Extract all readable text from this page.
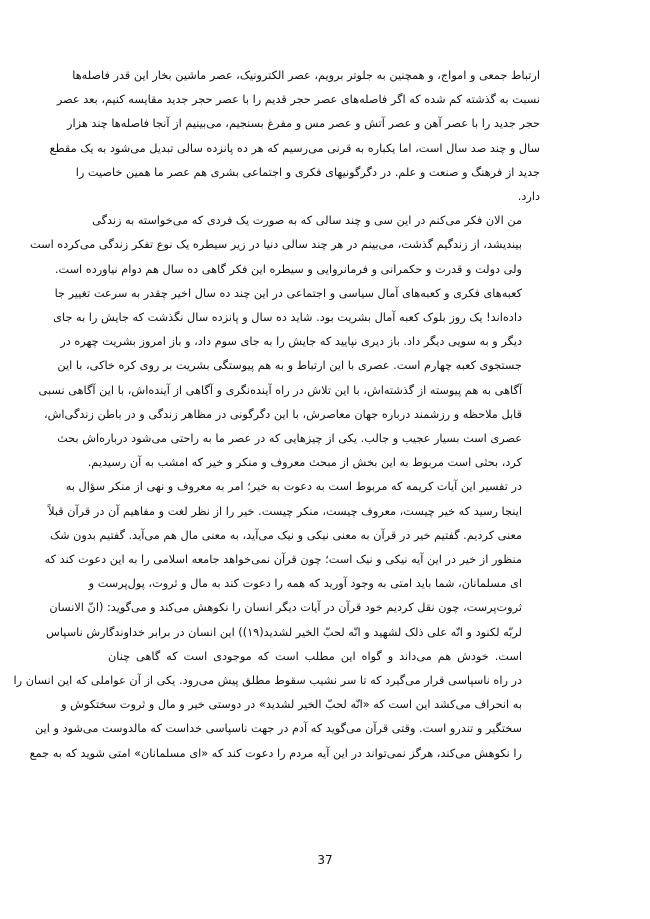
ارتباط جمعی و امواج، و همچنین به جلوتر برویم، عصر الکترونیک، عصر ماشین بخار این قدر فاصله‌ها
نسبت به گذشته کم شده که اگر فاصله‌های عصر حجر قدیم را با عصر حجر جدید مقایسه کنیم، بعد عصر
حجر جدید را با عصر آهن و عصر آتش و عصر مس و مفرغ بسنجیم، می‌بینیم از آنجا فاصله‌ها چند هزار
سال و چند صد سال است، اما یکباره به قرنی می‌رسیم که هر ده پانزده سالی تبدیل می‌شود به یک مقطع
جدید از فرهنگ و صنعت و علم. در دگرگونیهای فکری و اجتماعی بشری هم عصر ما همین خاصیت را
دارد.

من الان فکر می‌کنم در این سی و چند سالی که به صورت یک فردی که می‌خواسته به زندگی
بیندیشد، از زندگیم گذشت، می‌بینم در هر چند سالی دنیا در زیر سیطره یک نوع تفکر زندگی می‌کرده است
ولی دولت و قدرت و حکمرانی و فرمانروایی و سیطره این فکر گاهی ده سال هم دوام نیاورده است.
کعبه‌های فکری و کعبه‌های آمال سیاسی و اجتماعی در این چند ده سال اخیر چقدر به سرعت تغییر جا
داده‌اند! یک روز بلوک کعبه آمال بشریت بود. شاید ده سال و پانزده سال نگذشت که جایش را به جای
دیگر و به سویی دیگر داد. باز دیری نپایید که جایش را به جای سوم داد، و باز امروز بشریت چهره در
جستجوی کعبه چهارم است. عصری با این ارتباط و به هم پیوستگی بشریت بر روی کره خاکی، با این
آگاهی به هم پیوسته از گذشته‌اش، با این تلاش در راه آینده‌نگری و آگاهی از آینده‌اش، با این آگاهی نسبی
قابل ملاحظه و رزشمند درباره جهان معاصرش، با این دگرگونی در مظاهر زندگی و در باطن زندگی‌اش،
عصری است بسیار عجیب و جالب. یکی از چیزهایی که در عصر ما به راحتی می‌شود درباره‌اش بحث
کرد، بحثی است مربوط به این بخش از مبحث معروف و منکر و خیر که امشب به آن رسیدیم.

در تفسیر این آیات کریمه که مربوط است به دعوت به خیر؛ امر به معروف و نهی از منکر سؤال به
اینجا رسید که خیر چیست، معروف چیست، منکر چیست. خیر را از نظر لغت و مفاهیم آن در قرآن قبلاً
معنی کردیم. گفتیم خیر در قرآن به معنی نیکی و نیک می‌آید، به معنی مال هم می‌آید. گفتیم بدون شک
منظور از خیر در این آیه نیکی و نیک است؛ چون قرآن نمی‌خواهد جامعه اسلامی را به این دعوت کند که
ای مسلمانان، شما باید امتی به وجود آورید که همه را دعوت کند به مال و ثروت، پول‌پرست و
ثروت‌پرست، چون نقل کردیم خود قرآن در آیات دیگر انسان را نکوهش می‌کند و می‌گوید: (انّ الانسان
لربّه لکنود و انّه علی ذلک لشهید و انّه لحبّ الخیر لشدید(۱۹)) این انسان در برابر خداوندگارش ناسپاس
است. خودش هم می‌داند و گواه این مطلب است که موجودی است که گاهی چنان
در راه ناسپاسی قرار می‌گیرد که تا سر نشیب سقوط مطلق پیش می‌رود. یکی از آن عواملی که این انسان را
به انحراف می‌کشد این است که «انّه لحبّ الخیر لشدید» در دوستی خیر و مال و ثروت سختکوش و
سختگیر و تندرو است. وقتی قرآن می‌گوید که آدم در جهت ناسپاسی خداست که مالدوست می‌شود و این
را نکوهش می‌کند، هرگز نمی‌تواند در این آیه مردم را دعوت کند که «ای مسلمانان» امتی شوید که به جمع

37
